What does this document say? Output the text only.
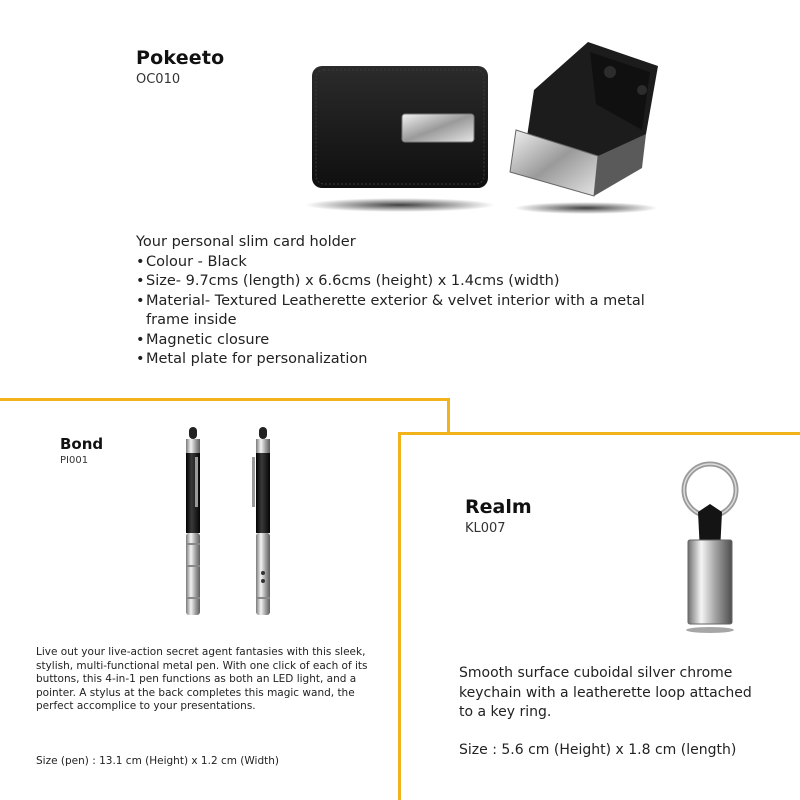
Pokeeto
OC010
Your personal slim card holder
• Colour - Black
• Size- 9.7cms (length) x 6.6cms (height) x 1.4cms (width)
• Material- Textured Leatherette exterior & velvet interior with a metal frame inside
• Magnetic closure
• Metal plate for personalization
Bond
PI001
Live out your live-action secret agent fantasies with this sleek, stylish, multi-functional metal pen. With one click of each of its buttons, this 4-in-1 pen functions as both an LED light, and a pointer. A stylus at the back completes this magic wand, the perfect accomplice to your presentations.
Size (pen) : 13.1 cm (Height) x 1.2 cm (Width)
Realm
KL007
Smooth surface cuboidal silver chrome keychain with a leatherette loop attached to a key ring.
Size : 5.6 cm (Height) x 1.8 cm (length)
